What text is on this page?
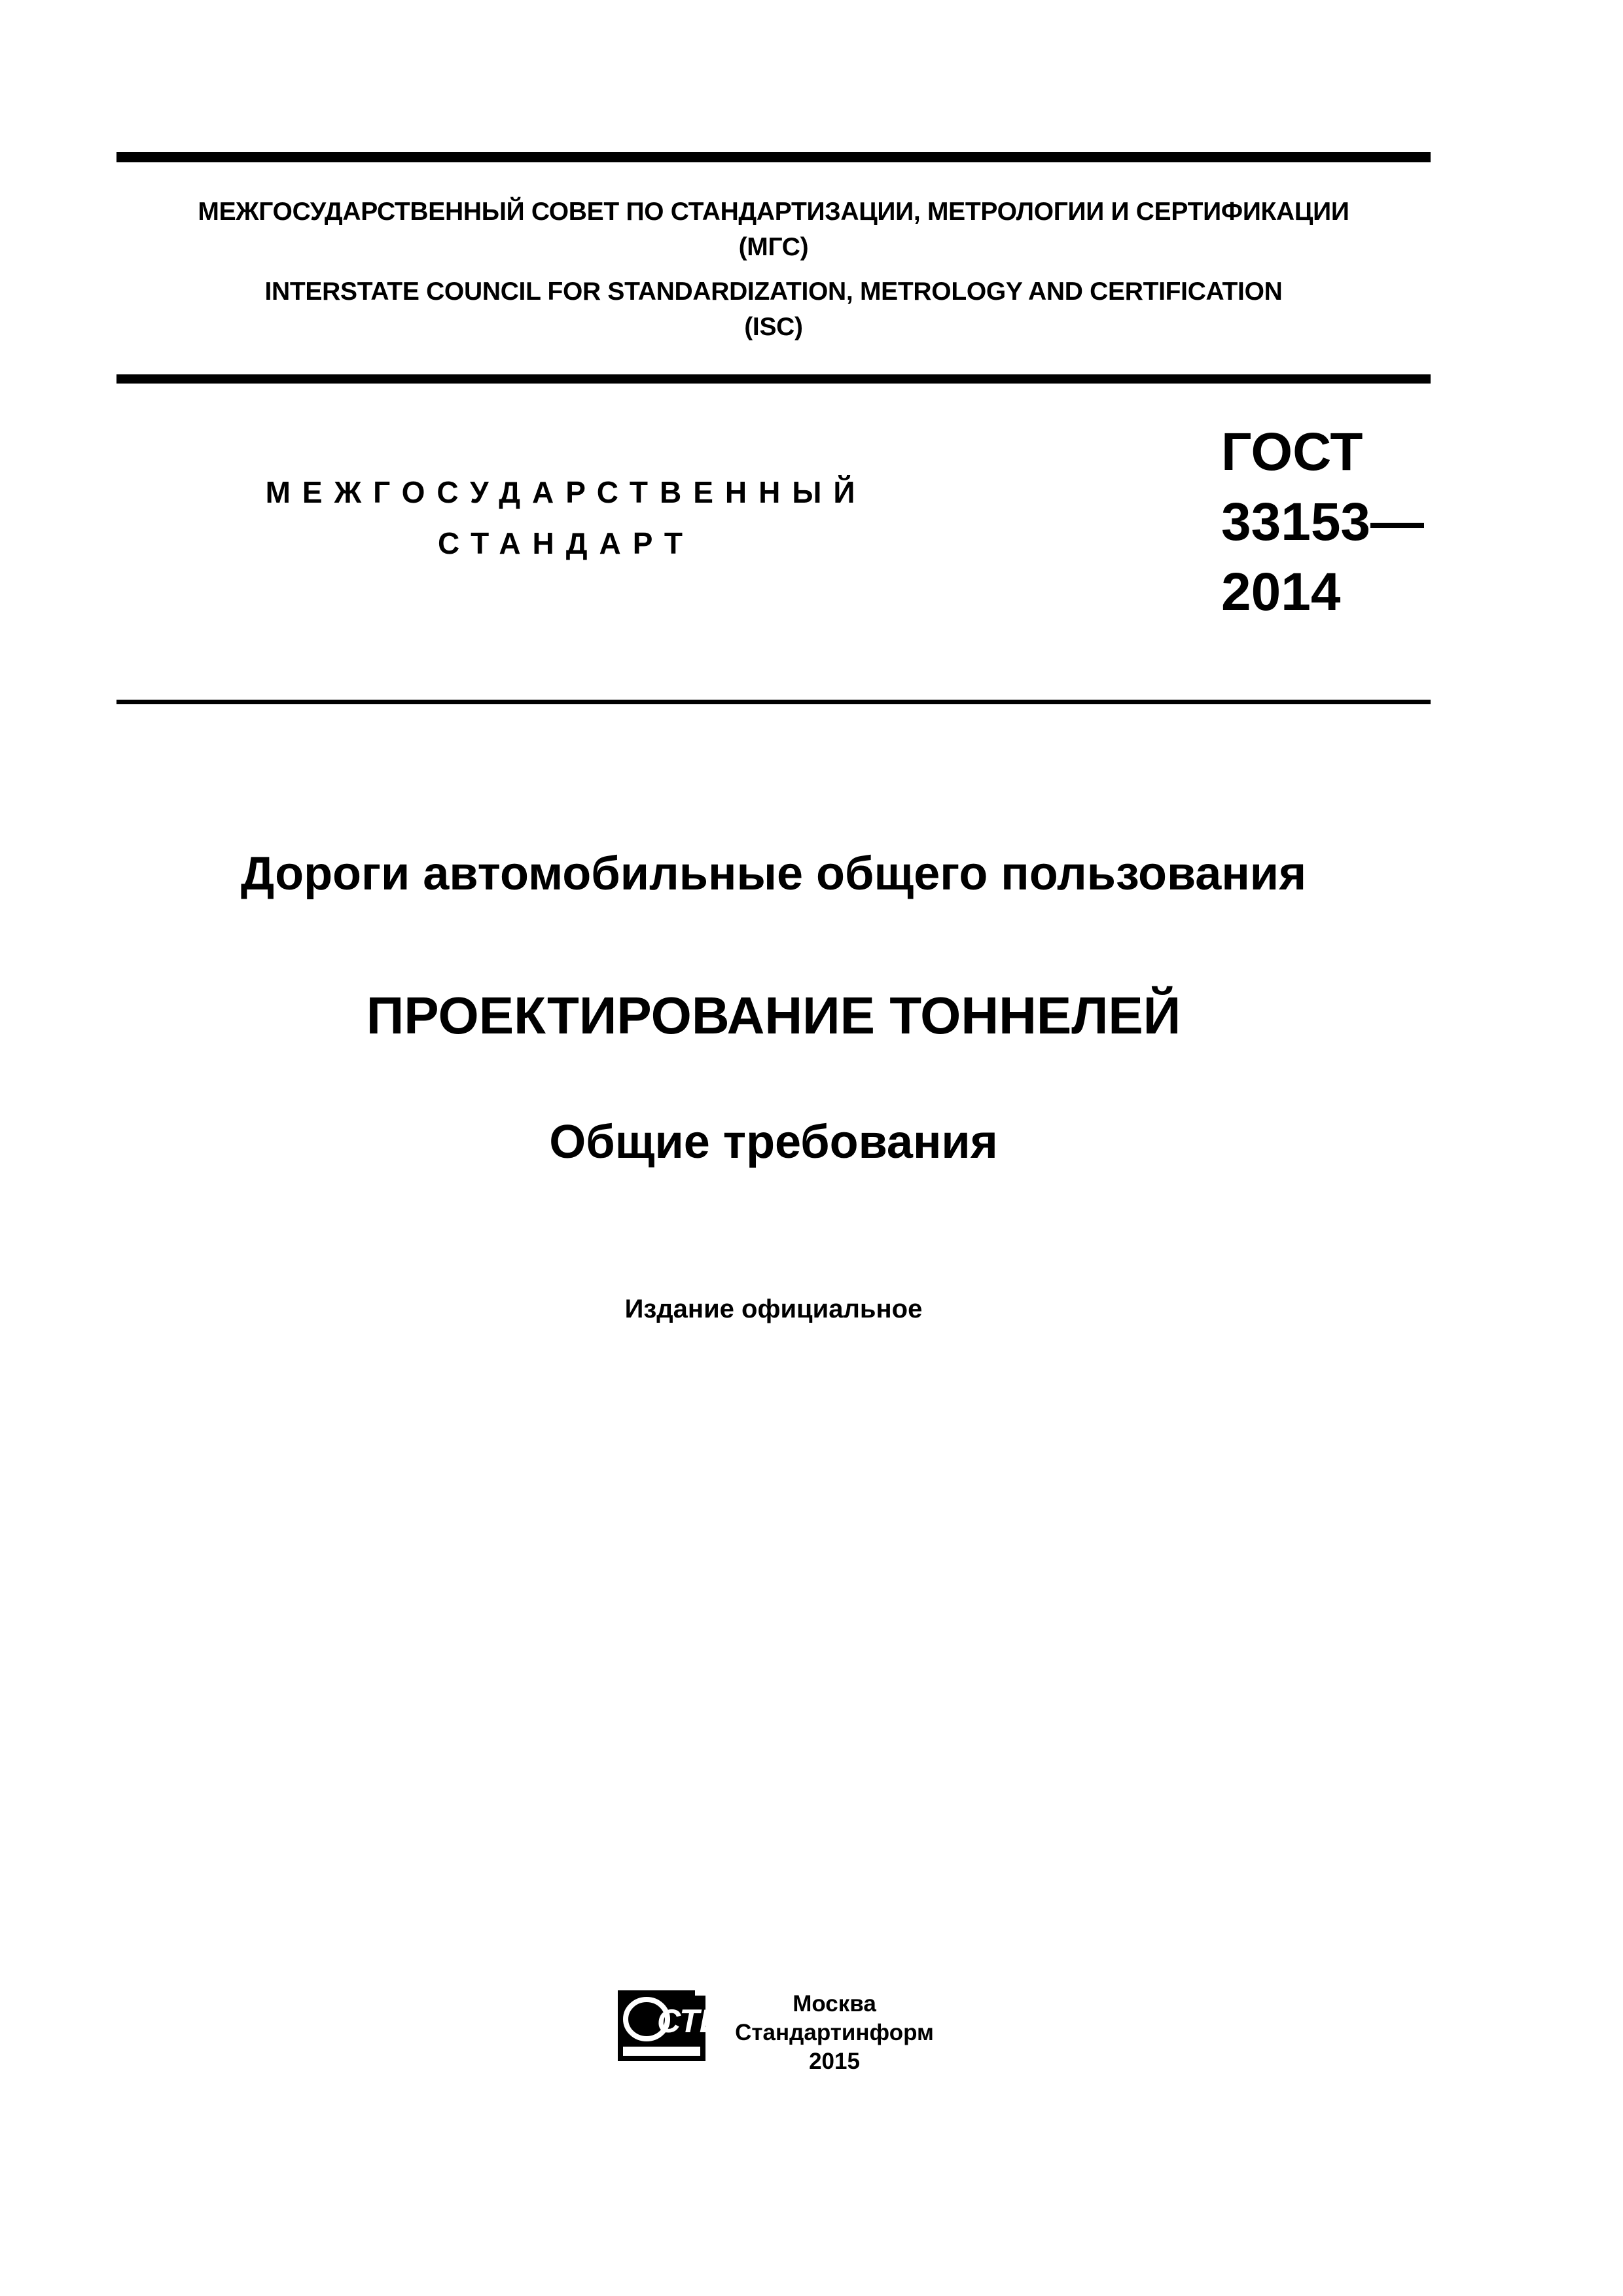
МЕЖГОСУДАРСТВЕННЫЙ СОВЕТ ПО СТАНДАРТИЗАЦИИ, МЕТРОЛОГИИ И СЕРТИФИКАЦИИ
(МГС)
INTERSTATE COUNCIL FOR STANDARDIZATION, METROLOGY AND CERTIFICATION
(ISC)
МЕЖГОСУДАРСТВЕННЫЙ
СТАНДАРТ
ГОСТ
33153—
2014
Дороги автомобильные общего пользования
ПРОЕКТИРОВАНИЕ ТОННЕЛЕЙ
Общие требования
Издание официальное
СТИ	Москва
Стандартинформ
2015
